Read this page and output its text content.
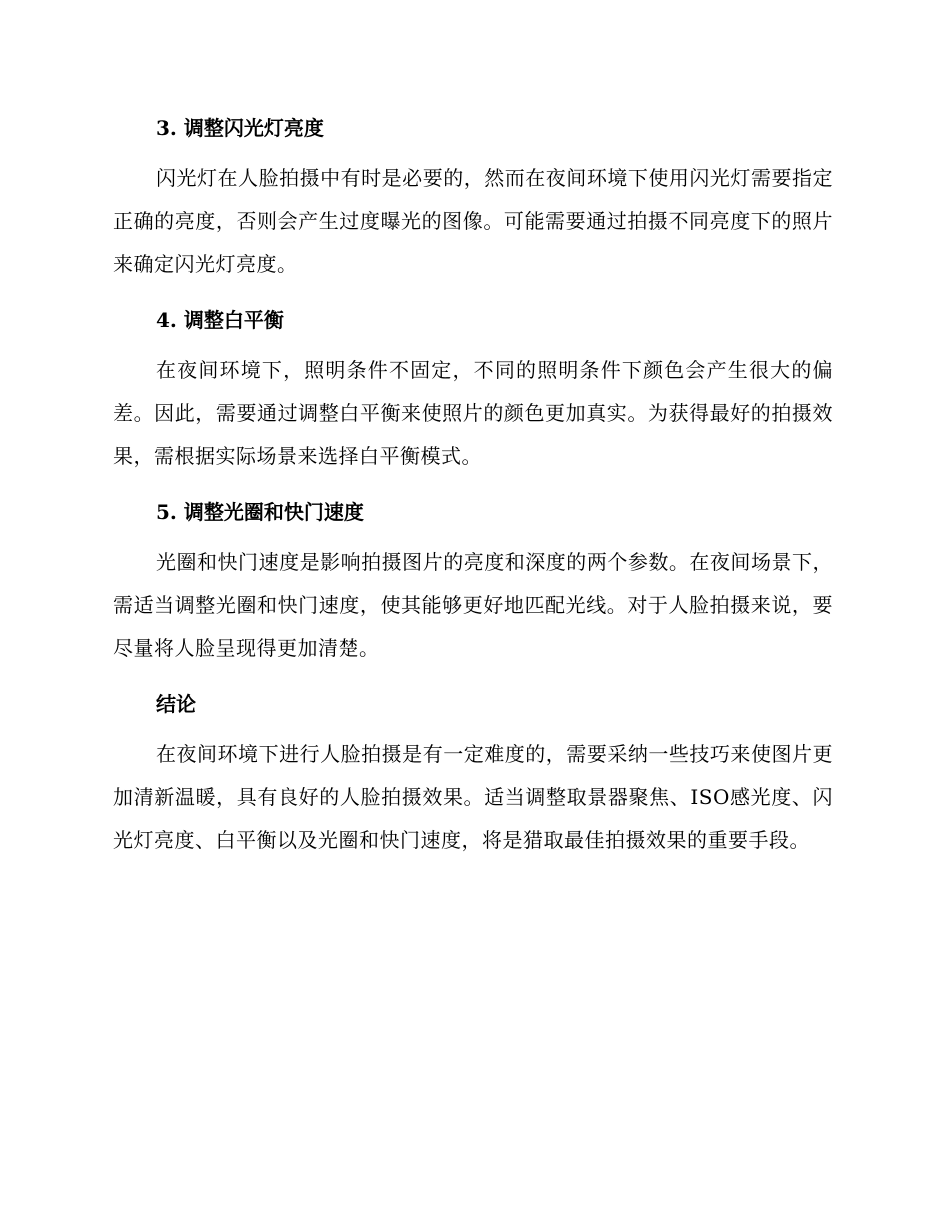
3. 调整闪光灯亮度

闪光灯在人脸拍摄中有时是必要的，然而在夜间环境下使用闪光灯需要指定正确的亮度，否则会产生过度曝光的图像。可能需要通过拍摄不同亮度下的照片来确定闪光灯亮度。

4. 调整白平衡

在夜间环境下，照明条件不固定，不同的照明条件下颜色会产生很大的偏差。因此，需要通过调整白平衡来使照片的颜色更加真实。为获得最好的拍摄效果，需根据实际场景来选择白平衡模式。

5. 调整光圈和快门速度

光圈和快门速度是影响拍摄图片的亮度和深度的两个参数。在夜间场景下，需适当调整光圈和快门速度，使其能够更好地匹配光线。对于人脸拍摄来说，要尽量将人脸呈现得更加清楚。

结论

在夜间环境下进行人脸拍摄是有一定难度的，需要采纳一些技巧来使图片更加清新温暖，具有良好的人脸拍摄效果。适当调整取景器聚焦、ISO感光度、闪光灯亮度、白平衡以及光圈和快门速度，将是猎取最佳拍摄效果的重要手段。
